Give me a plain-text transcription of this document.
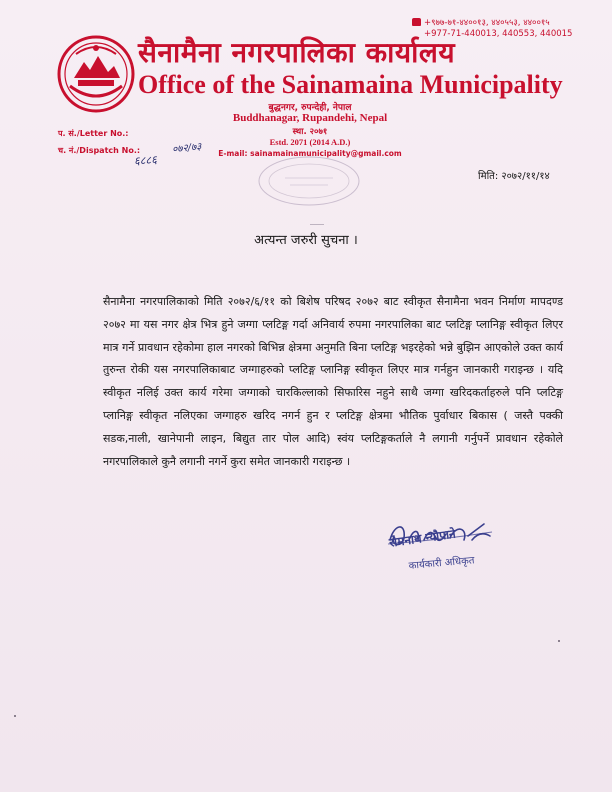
+९७७-७१-४४००१३, ४४०५५३, ४४००१५
+977-71-440013, 440553, 440015
सैनामैना नगरपालिका कार्यालय
Office of the Sainamaina Municipality
बुद्धनगर, रुपन्देही, नेपाल
Buddhanagar, Rupandehi, Nepal
स्था. २०७१
Estd. 2071 (2014 A.D.)
E-mail: sainamainamunicipality@gmail.com
प. सं./Letter No.:
च. नं./Dispatch No.:	०७२/७३
६८८६
मिति: २०७२/११/१४
अत्यन्त जरुरी सुचना ।
सैनामैना नगरपालिकाको मिति २०७२/६/११ को बिशेष परिषद २०७२ बाट स्वीकृत सैनामैना भवन निर्माण मापदण्ड २०७२ मा यस नगर क्षेत्र भित्र हुने जग्गा प्लटिङ्ग गर्दा अनिवार्य रुपमा नगरपालिका बाट प्लटिङ्ग प्लानिङ्ग स्वीकृत लिएर मात्र गर्ने प्रावधान रहेकोमा हाल नगरको बिभिन्न क्षेत्रमा अनुमति बिना प्लटिङ्ग भइरहेको भन्ने बुझिन आएकोले उक्त कार्य तुरुन्त रोकी यस नगरपालिकाबाट जग्गाहरुको प्लटिङ्ग प्लानिङ्ग स्वीकृत लिएर मात्र गर्नहुन जानकारी गराइन्छ । यदि स्वीकृत नलिई उक्त कार्य गरेमा जग्गाको चारकिल्लाको सिफारिस नहुने साथै जग्गा खरिदकर्ताहरुले पनि प्लटिङ्ग प्लानिङ्ग स्वीकृत नलिएका जग्गाहरु खरिद नगर्न हुन र प्लटिङ्ग क्षेत्रमा भौतिक पुर्वाधार बिकास ( जस्तै पक्की सडक,नाली, खानेपानी लाइन, बिद्युत तार पोल आदि) स्वंय प्लटिङ्गकर्ताले नै लगानी गर्नुपर्ने प्रावधान रहेकोले नगरपालिकाले कुनै लगानी नगर्ने कुरा समेत जानकारी गराइन्छ ।
रोमनाथ न्यौपाने
कार्यकारी अधिकृत
